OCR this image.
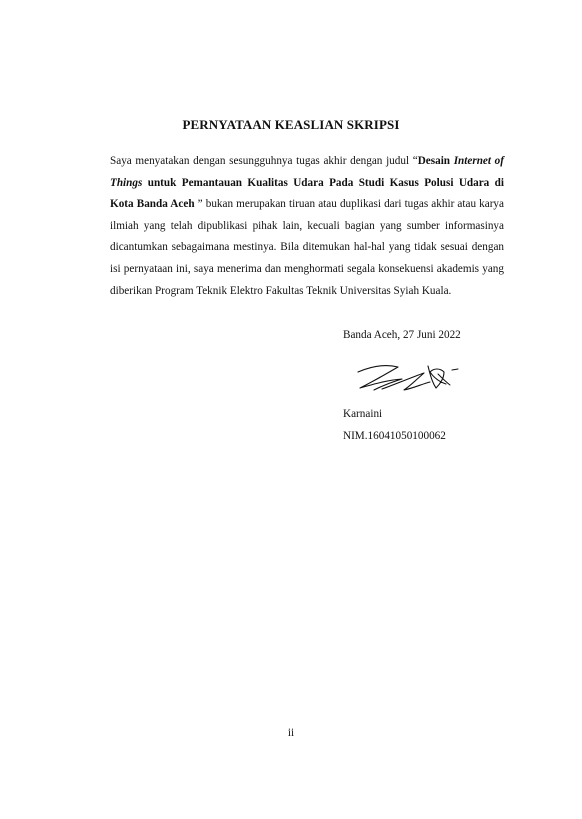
PERNYATAAN KEASLIAN SKRIPSI

Saya menyatakan dengan sesungguhnya tugas akhir dengan judul “Desain Internet of Things untuk Pemantauan Kualitas Udara Pada Studi Kasus Polusi Udara di Kota Banda Aceh ” bukan merupakan tiruan atau duplikasi dari tugas akhir atau karya ilmiah yang telah dipublikasi pihak lain, kecuali bagian yang sumber informasinya dicantumkan sebagaimana mestinya. Bila ditemukan hal-hal yang tidak sesuai dengan isi pernyataan ini, saya menerima dan menghormati segala konsekuensi akademis yang diberikan Program Teknik Elektro Fakultas Teknik Universitas Syiah Kuala.

Banda Aceh, 27 Juni 2022
Karnaini
NIM.16041050100062
ii
